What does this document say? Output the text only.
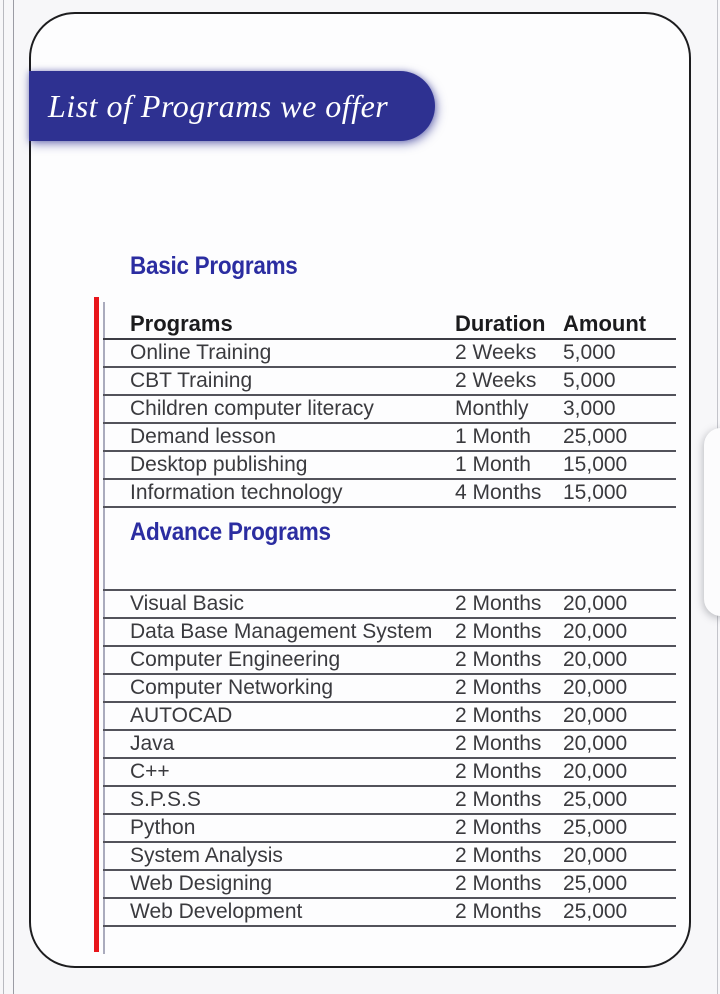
List of Programs we offer
Basic Programs
Programs	Duration	Amount
Online Training	2 Weeks	5,000
CBT Training	2 Weeks	5,000
Children computer literacy	Monthly	3,000
Demand lesson	1 Month	25,000
Desktop publishing	1 Month	15,000
Information technology	4 Months	15,000
Advance Programs
Visual Basic	2 Months	20,000
Data Base Management System	2 Months	20,000
Computer Engineering	2 Months	20,000
Computer Networking	2 Months	20,000
AUTOCAD	2 Months	20,000
Java	2 Months	20,000
C++	2 Months	20,000
S.P.S.S	2 Months	25,000
Python	2 Months	25,000
System Analysis	2 Months	20,000
Web Designing	2 Months	25,000
Web Development	2 Months	25,000
